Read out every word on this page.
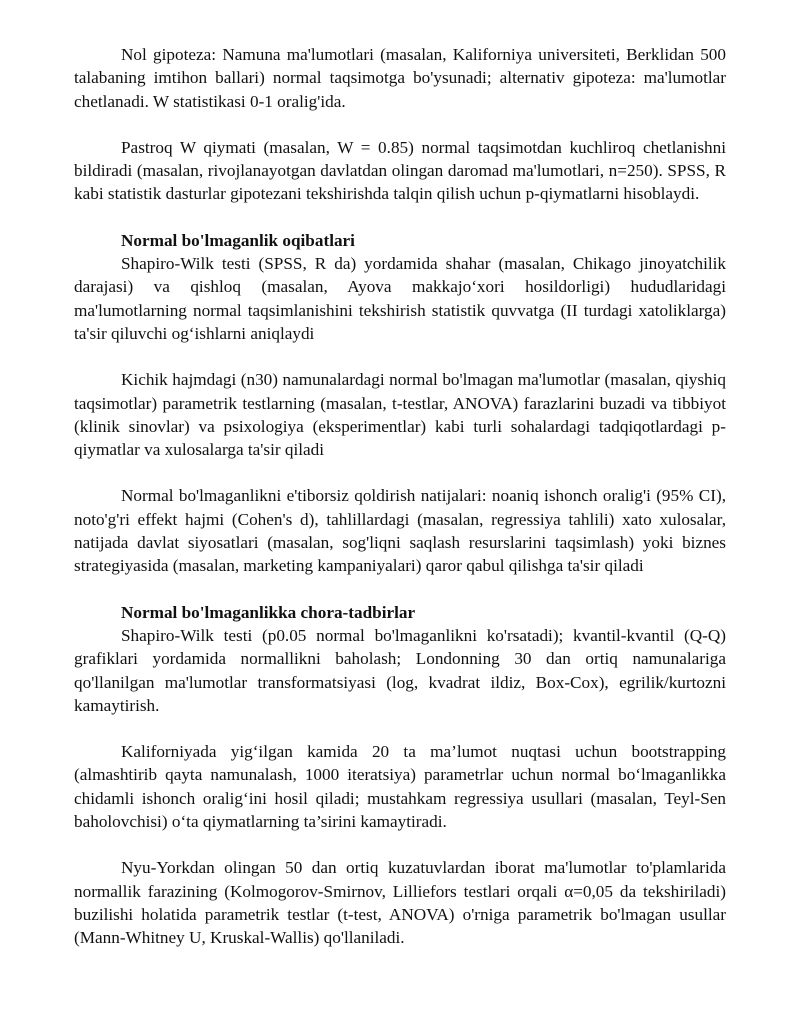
Nol gipoteza: Namuna ma'lumotlari (masalan, Kaliforniya universiteti, Berklidan 500 talabaning imtihon ballari) normal taqsimotga bo'ysunadi; alternativ gipoteza: ma'lumotlar chetlanadi. W statistikasi 0-1 oralig'ida.

Pastroq W qiymati (masalan, W = 0.85) normal taqsimotdan kuchliroq chetlanishni bildiradi (masalan, rivojlanayotgan davlatdan olingan daromad ma'lumotlari, n=250). SPSS, R kabi statistik dasturlar gipotezani tekshirishda talqin qilish uchun p-qiymatlarni hisoblaydi.

Normal bo'lmaganlik oqibatlari

Shapiro-Wilk testi (SPSS, R da) yordamida shahar (masalan, Chikago jinoyatchilik darajasi) va qishloq (masalan, Ayova makkajo‘xori hosildorligi) hududlaridagi ma'lumotlarning normal taqsimlanishini tekshirish statistik quvvatga (II turdagi xatoliklarga) ta'sir qiluvchi og‘ishlarni aniqlaydi

Kichik hajmdagi (n30) namunalardagi normal bo'lmagan ma'lumotlar (masalan, qiyshiq taqsimotlar) parametrik testlarning (masalan, t-testlar, ANOVA) farazlarini buzadi va tibbiyot (klinik sinovlar) va psixologiya (eksperimentlar) kabi turli sohalardagi tadqiqotlardagi p-qiymatlar va xulosalarga ta'sir qiladi

Normal bo'lmaganlikni e'tiborsiz qoldirish natijalari: noaniq ishonch oralig'i (95% CI), noto'g'ri effekt hajmi (Cohen's d), tahlillardagi (masalan, regressiya tahlili) xato xulosalar, natijada davlat siyosatlari (masalan, sog'liqni saqlash resurslarini taqsimlash) yoki biznes strategiyasida (masalan, marketing kampaniyalari) qaror qabul qilishga ta'sir qiladi

Normal bo'lmaganlikka chora-tadbirlar

Shapiro-Wilk testi (p0.05 normal bo'lmaganlikni ko'rsatadi); kvantil-kvantil (Q-Q) grafiklari yordamida normallikni baholash; Londonning 30 dan ortiq namunalariga qo'llanilgan ma'lumotlar transformatsiyasi (log, kvadrat ildiz, Box-Cox), egrilik/kurtozni kamaytirish.

Kaliforniyada yig‘ilgan kamida 20 ta ma’lumot nuqtasi uchun bootstrapping (almashtirib qayta namunalash, 1000 iteratsiya) parametrlar uchun normal bo‘lmaganlikka chidamli ishonch oralig‘ini hosil qiladi; mustahkam regressiya usullari (masalan, Teyl-Sen baholovchisi) o‘ta qiymatlarning ta’sirini kamaytiradi.

Nyu-Yorkdan olingan 50 dan ortiq kuzatuvlardan iborat ma'lumotlar to'plamlarida normallik farazining (Kolmogorov-Smirnov, Lilliefors testlari orqali α=0,05 da tekshiriladi) buzilishi holatida parametrik testlar (t-test, ANOVA) o'rniga parametrik bo'lmagan usullar (Mann-Whitney U, Kruskal-Wallis) qo'llaniladi.
